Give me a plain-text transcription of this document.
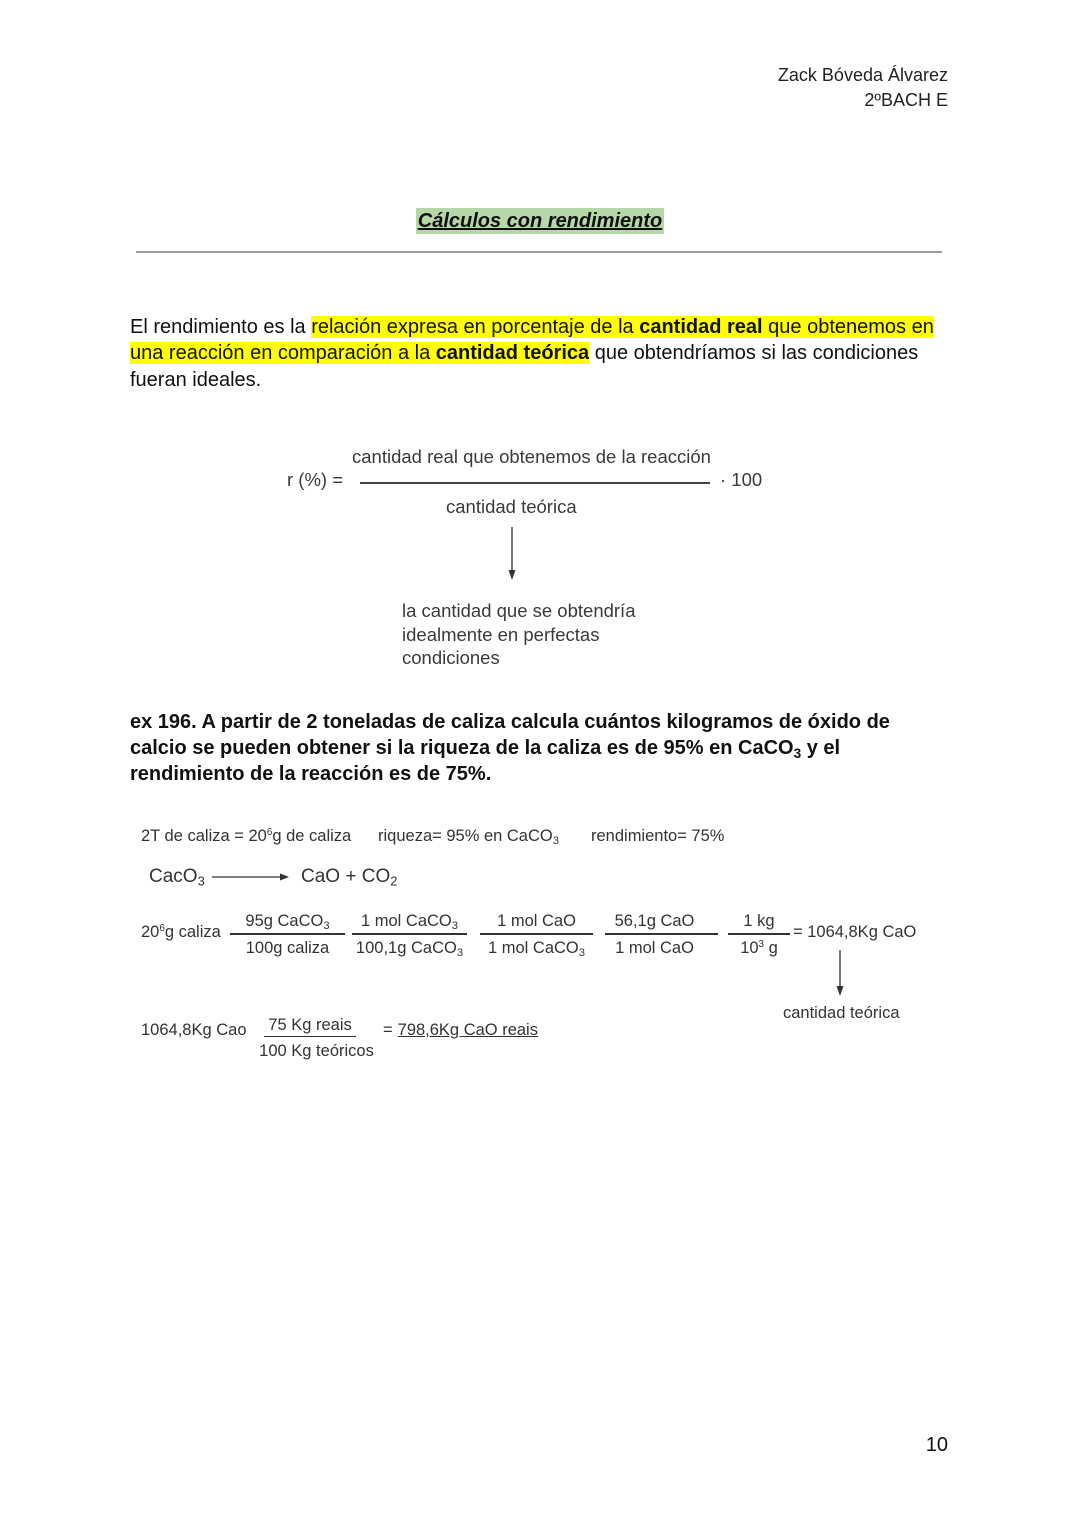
Zack Bóveda Álvarez
2ºBACH E
Cálculos con rendimiento
El rendimiento es la relación expresa en porcentaje de la cantidad real que obtenemos en
una reacción en comparación a la cantidad teórica que obtendríamos si las condiciones
fueran ideales.
r (%) =
cantidad real que obtenemos de la reacción
· 100
cantidad teórica
la cantidad que se obtendría
idealmente en perfectas
condiciones
ex 196. A partir de 2 toneladas de caliza calcula cuántos kilogramos de óxido de
calcio se pueden obtener si la riqueza de la caliza es de 95% en CaCO$_3$ y el
rendimiento de la reacción es de 75%.
2T de caliza = $20^6g$ de caliza riqueza= 95% en CaCO$_3$ rendimiento= 75%
CacO$_3$	CaO + $CO_2$
$20^6g$ caliza
95g CaCO$_3$
100g caliza
1 mol CaCO$_3$
100,1g CaCO$_3$
1 mol CaO
1 mol CaCO$_3$
56,1g CaO
1 mol CaO
1 kg
$10^3$ g
= 1064,8Kg CaO
cantidad teórica
1064,8Kg Cao 75 Kg reais
100 Kg teóricos
= 798,6Kg CaO reais
10
